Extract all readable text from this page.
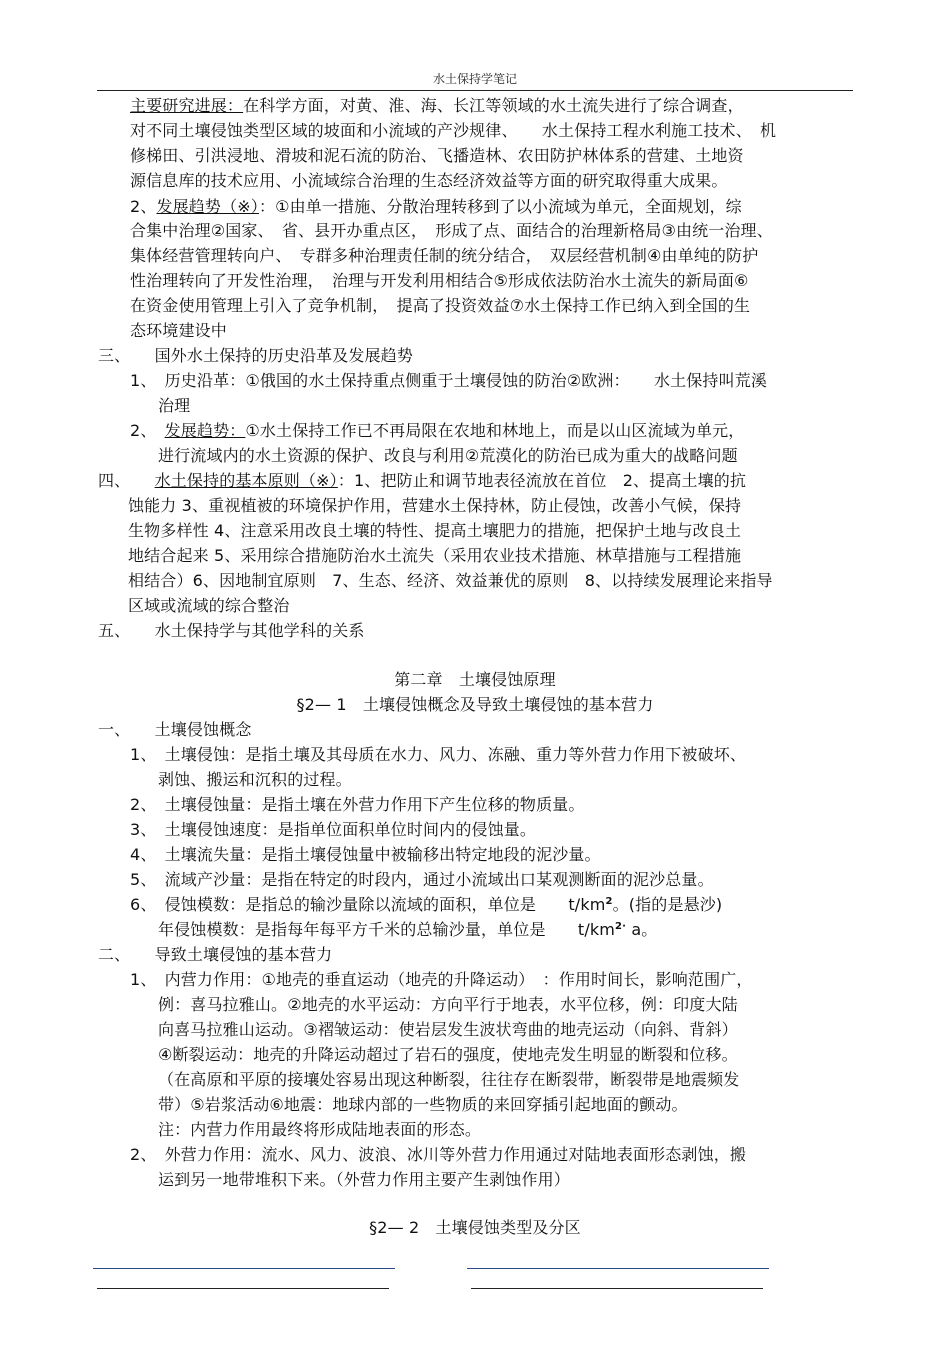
水土保持学笔记
主要研究进展：在科学方面，对黄、淮、海、长江等领域的水土流失进行了综合调查，
对不同土壤侵蚀类型区域的坡面和小流域的产沙规律、　　水土保持工程水利施工技术、　机
修梯田、引洪浸地、滑坡和泥石流的防治、飞播造林、农田防护林体系的营建、土地资
源信息库的技术应用、小流域综合治理的生态经济效益等方面的研究取得重大成果。
2、发展趋势（※）：①由单一措施、分散治理转移到了以小流域为单元，全面规划，综
合集中治理②国家、　省、县开办重点区，　形成了点、面结合的治理新格局③由统一治理、
集体经营管理转向户、　专群多种治理责任制的统分结合，　双层经营机制④由单纯的防护
性治理转向了开发性治理，　治理与开发利用相结合⑤形成依法防治水土流失的新局面⑥
在资金使用管理上引入了竞争机制，　提高了投资效益⑦水土保持工作已纳入到全国的生
态环境建设中
三、　　国外水土保持的历史沿革及发展趋势
1、　历史沿革：①俄国的水土保持重点侧重于土壤侵蚀的防治②欧洲：　　水土保持叫荒溪
治理
2、　发展趋势：①水土保持工作已不再局限在农地和林地上，而是以山区流域为单元，
进行流域内的水土资源的保护、改良与利用②荒漠化的防治已成为重大的战略问题
四、　　水土保持的基本原则（※）：1、把防止和调节地表径流放在首位　2、提高土壤的抗
蚀能力 3、重视植被的环境保护作用，营建水土保持林，防止侵蚀，改善小气候，保持
生物多样性 4、注意采用改良土壤的特性、提高土壤肥力的措施，把保护土地与改良土
地结合起来 5、采用综合措施防治水土流失（采用农业技术措施、林草措施与工程措施
相结合）6、因地制宜原则　7、生态、经济、效益兼优的原则　8、以持续发展理论来指导
区域或流域的综合整治
五、　　水土保持学与其他学科的关系
第二章　土壤侵蚀原理
§2— 1　土壤侵蚀概念及导致土壤侵蚀的基本营力
一、　　土壤侵蚀概念
1、　土壤侵蚀：是指土壤及其母质在水力、风力、冻融、重力等外营力作用下被破坏、
剥蚀、搬运和沉积的过程。
2、　土壤侵蚀量：是指土壤在外营力作用下产生位移的物质量。
3、　土壤侵蚀速度：是指单位面积单位时间内的侵蚀量。
4、　土壤流失量：是指土壤侵蚀量中被输移出特定地段的泥沙量。
5、　流域产沙量：是指在特定的时段内，通过小流域出口某观测断面的泥沙总量。
6、　侵蚀模数：是指总的输沙量除以流域的面积，单位是　　$t/km^2$。(指的是悬沙)
年侵蚀模数：是指每年每平方千米的总输沙量，单位是　　$t/km^{2\cdot}$ a。
二、　　导致土壤侵蚀的基本营力
1、　内营力作用：①地壳的垂直运动（地壳的升降运动）　：作用时间长，影响范围广，
例：喜马拉雅山。②地壳的水平运动：方向平行于地表，水平位移，例：印度大陆
向喜马拉雅山运动。③褶皱运动：使岩层发生波状弯曲的地壳运动（向斜、背斜）
④断裂运动：地壳的升降运动超过了岩石的强度，使地壳发生明显的断裂和位移。
（在高原和平原的接壤处容易出现这种断裂，往往存在断裂带，断裂带是地震频发
带）⑤岩浆活动⑥地震：地球内部的一些物质的来回穿插引起地面的颤动。
注：内营力作用最终将形成陆地表面的形态。
2、　外营力作用：流水、风力、波浪、冰川等外营力作用通过对陆地表面形态剥蚀，搬
运到另一地带堆积下来。（外营力作用主要产生剥蚀作用）
§2— 2　土壤侵蚀类型及分区
